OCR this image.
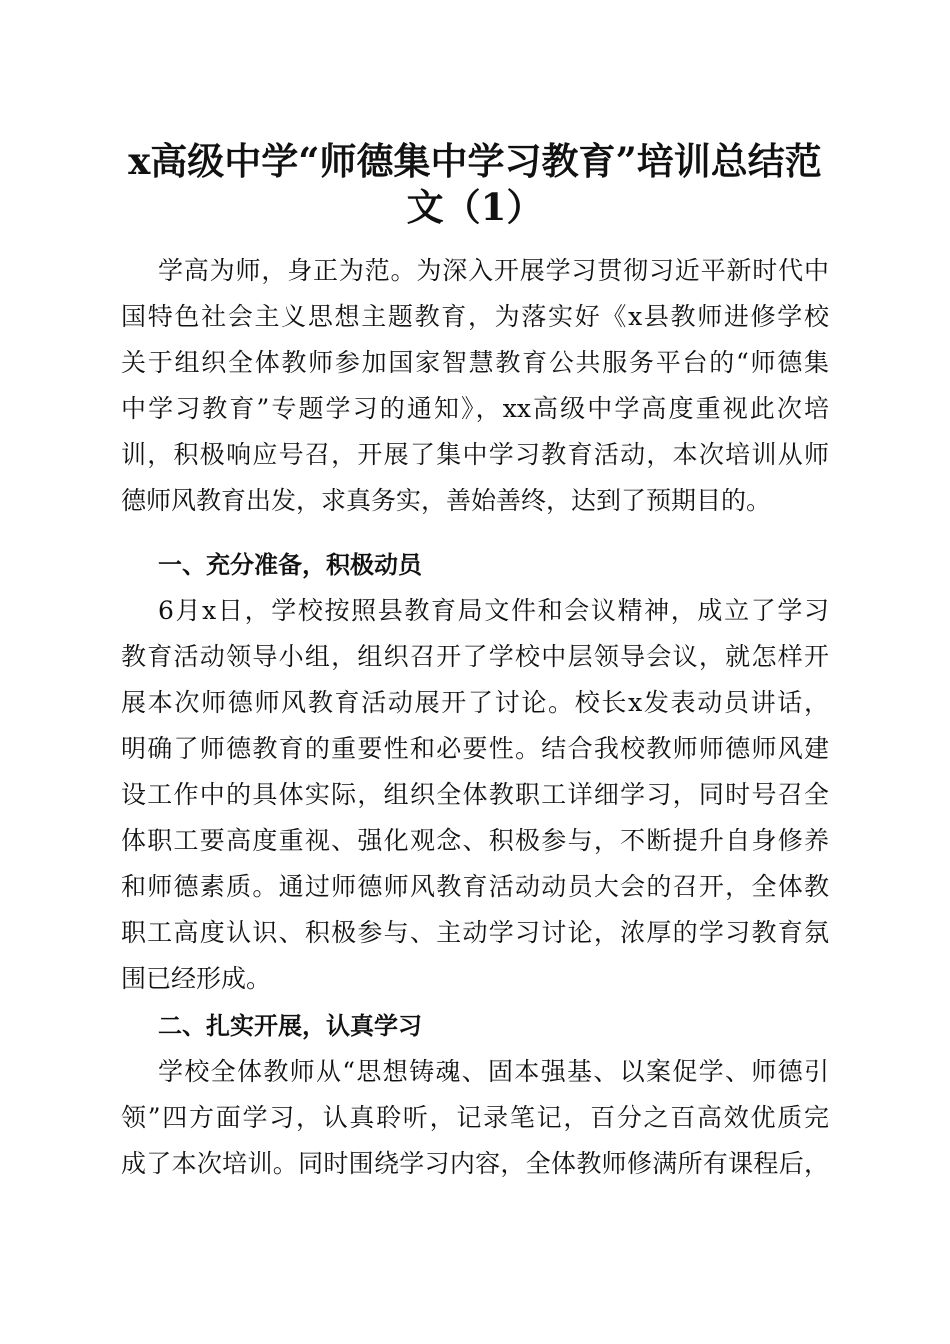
x高级中学“师德集中学习教育”培训总结范
文（1）

学高为师，身正为范。为深入开展学习贯彻习近平新时代中

国特色社会主义思想主题教育，为落实好《x县教师进修学校

关于组织全体教师参加国家智慧教育公共服务平台的“师德集

中学习教育”专题学习的通知》，xx高级中学高度重视此次培

训，积极响应号召，开展了集中学习教育活动，本次培训从师

德师风教育出发，求真务实，善始善终，达到了预期目的。

一、充分准备，积极动员

6月x日，学校按照县教育局文件和会议精神，成立了学习

教育活动领导小组，组织召开了学校中层领导会议，就怎样开

展本次师德师风教育活动展开了讨论。校长x发表动员讲话，

明确了师德教育的重要性和必要性。结合我校教师师德师风建

设工作中的具体实际，组织全体教职工详细学习，同时号召全

体职工要高度重视、强化观念、积极参与，不断提升自身修养

和师德素质。通过师德师风教育活动动员大会的召开，全体教

职工高度认识、积极参与、主动学习讨论，浓厚的学习教育氛

围已经形成。

二、扎实开展，认真学习

学校全体教师从“思想铸魂、固本强基、以案促学、师德引

领”四方面学习，认真聆听，记录笔记，百分之百高效优质完

成了本次培训。同时围绕学习内容，全体教师修满所有课程后，
